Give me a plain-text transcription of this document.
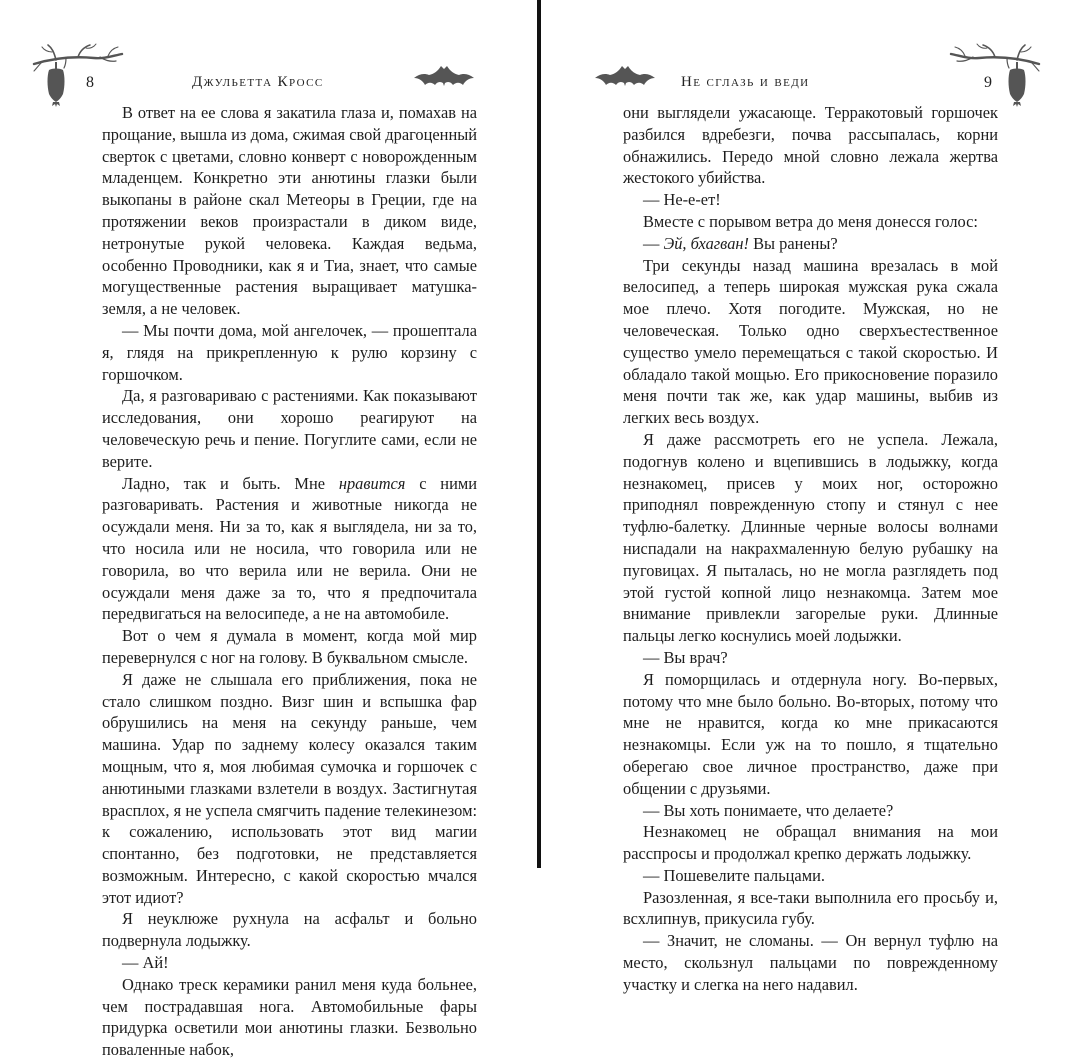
8	Джульетта Кросс

В ответ на ее слова я закатила глаза и, помахав на прощание, вышла из дома, сжимая свой драгоценный сверток с цветами, словно конверт с новорожденным младенцем. Конкретно эти анютины глазки были выкопаны в районе скал Метеоры в Греции, где на протяжении веков произрастали в диком виде, нетронутые рукой человека. Каждая ведьма, особенно Проводники, как я и Тиа, знает, что самые могущественные растения выращивает матушка-земля, а не человек.

— Мы почти дома, мой ангелочек, — прошептала я, глядя на прикрепленную к рулю корзину с горшочком.

Да, я разговариваю с растениями. Как показывают исследования, они хорошо реагируют на человеческую речь и пение. Погуглите сами, если не верите.

Ладно, так и быть. Мне нравится с ними разговаривать. Растения и животные никогда не осуждали меня. Ни за то, как я выглядела, ни за то, что носила или не носила, что говорила или не говорила, во что верила или не верила. Они не осуждали меня даже за то, что я предпочитала передвигаться на велосипеде, а не на автомобиле.

Вот о чем я думала в момент, когда мой мир перевернулся с ног на голову. В буквальном смысле.

Я даже не слышала его приближения, пока не стало слишком поздно. Визг шин и вспышка фар обрушились на меня на секунду раньше, чем машина. Удар по заднему колесу оказался таким мощным, что я, моя любимая сумочка и горшочек с анютиными глазками взлетели в воздух. Застигнутая врасплох, я не успела смягчить падение телекинезом: к сожалению, использовать этот вид магии спонтанно, без подготовки, не представляется возможным. Интересно, с какой скоростью мчался этот идиот?

Я неуклюже рухнула на асфальт и больно подвернула лодыжку.

— Ай!

Однако треск керамики ранил меня куда больнее, чем пострадавшая нога. Автомобильные фары придурка осветили мои анютины глазки. Безвольно поваленные набок,

Не сглазь и веди	9

они выглядели ужасающе. Терракотовый горшочек разбился вдребезги, почва рассыпалась, корни обнажились. Передо мной словно лежала жертва жестокого убийства.

— Не-е-ет!

Вместе с порывом ветра до меня донесся голос:

— Эй, бхагван! Вы ранены?

Три секунды назад машина врезалась в мой велосипед, а теперь широкая мужская рука сжала мое плечо. Хотя погодите. Мужская, но не человеческая. Только одно сверхъестественное существо умело перемещаться с такой скоростью. И обладало такой мощью. Его прикосновение поразило меня почти так же, как удар машины, выбив из легких весь воздух.

Я даже рассмотреть его не успела. Лежала, подогнув колено и вцепившись в лодыжку, когда незнакомец, присев у моих ног, осторожно приподнял поврежденную стопу и стянул с нее туфлю-балетку. Длинные черные волосы волнами ниспадали на накрахмаленную белую рубашку на пуговицах. Я пыталась, но не могла разглядеть под этой густой копной лицо незнакомца. Затем мое внимание привлекли загорелые руки. Длинные пальцы легко коснулись моей лодыжки.

— Вы врач?

Я поморщилась и отдернула ногу. Во-первых, потому что мне было больно. Во-вторых, потому что мне не нравится, когда ко мне прикасаются незнакомцы. Если уж на то пошло, я тщательно оберегаю свое личное пространство, даже при общении с друзьями.

— Вы хоть понимаете, что делаете?

Незнакомец не обращал внимания на мои расспросы и продолжал крепко держать лодыжку.

— Пошевелите пальцами.

Разозленная, я все-таки выполнила его просьбу и, всхлипнув, прикусила губу.

— Значит, не сломаны. — Он вернул туфлю на место, скользнул пальцами по поврежденному участку и слегка на него надавил.
